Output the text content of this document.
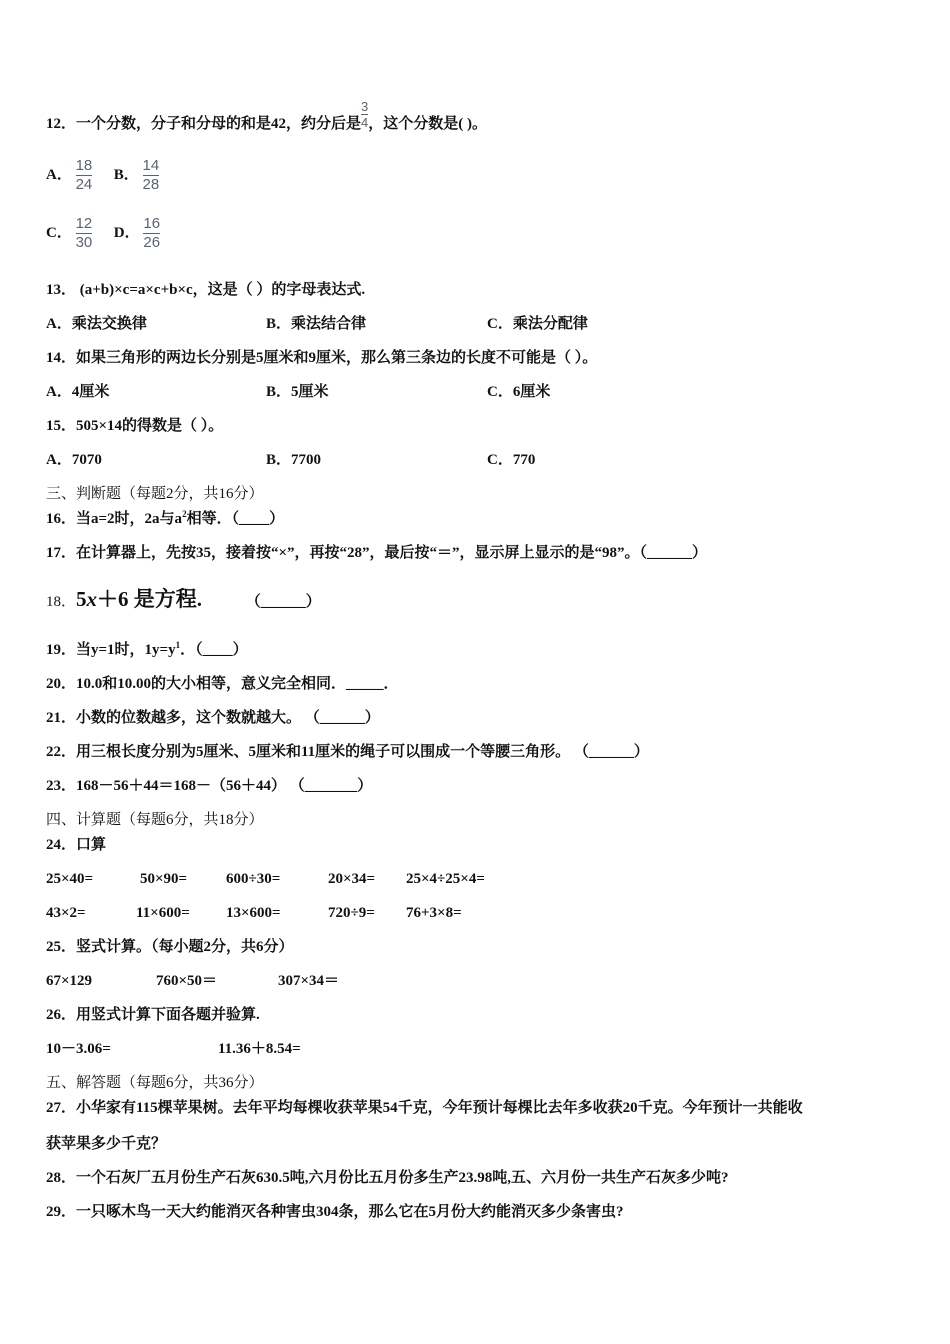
12．一个分数，分子和分母的和是42，约分后是 $\frac{3}{4}$ ，这个分数是( )。
A． $\frac{18}{24}$ B． $\frac{14}{28}$
C． $\frac{12}{30}$ D． $\frac{16}{26}$
13． (a+b)×c=a×c+b×c，这是（ ）的字母表达式.
A．乘法交换律	B．乘法结合律	C．乘法分配律
14．如果三角形的两边长分别是5厘米和9厘米，那么第三条边的长度不可能是（ ）。
A．4厘米	B．5厘米	C．6厘米
15．505×14的得数是（ ）。
A．7070	B．7700	C．770
三、判断题（每题2分，共16分）
16．当a=2时，2a与$a^2$相等．（____）
17．在计算器上，先按35，接着按“×”，再按“28”，最后按“＝”，显示屏上显示的是“98”。（______）
18．5x＋6 是方程.	（______）
19．当y=1时，$1y=y^1$．（____）
20．10.0和10.00的大小相等，意义完全相同．_____．
21．小数的位数越多，这个数就越大。 （______）
22．用三根长度分别为5厘米、5厘米和11厘米的绳子可以围成一个等腰三角形。 （______）
23．168－56＋44＝168－（56＋44） （_______）
四、计算题（每题6分，共18分）
24．口算
25×40=	50×90=	600÷30=	20×34= 25×4÷25×4=
43×2=	11×600= 13×600=	720÷9= 76+3×8=
25．竖式计算。（每小题2分，共6分）
67×129	760×50＝	307×34＝
26．用竖式计算下面各题并验算.
10－3.06=	11.36＋8.54=
五、解答题（每题6分，共36分）
27．小华家有115棵苹果树。去年平均每棵收获苹果54千克，今年预计每棵比去年多收获20千克。今年预计一共能收
获苹果多少千克？
28．一个石灰厂五月份生产石灰630.5吨,六月份比五月份多生产23.98吨,五、六月份一共生产石灰多少吨?
29．一只啄木鸟一天大约能消灭各种害虫304条，那么它在5月份大约能消灭多少条害虫?
